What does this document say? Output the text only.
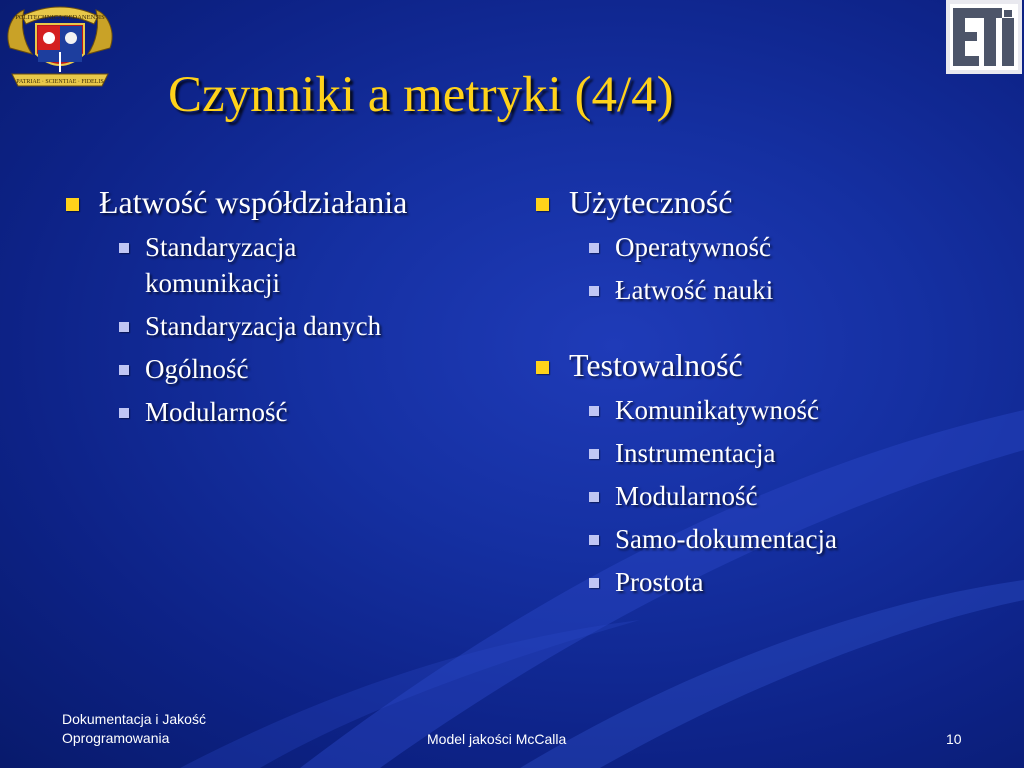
POLITECHNICA GEDANENSIS
PATRIAE · SCIENTIAE · FIDELIS Czynniki a metryki (4/4)
Łatwość współdziałania
Standaryzacja komunikacji
Standaryzacja danych
Ogólność
Modularność
Użyteczność
Operatywność
Łatwość nauki
Testowalność
Komunikatywność
Instrumentacja
Modularność
Samo-dokumentacja
Prostota
Dokumentacja i Jakość Oprogramowania	Model jakości McCalla	10
